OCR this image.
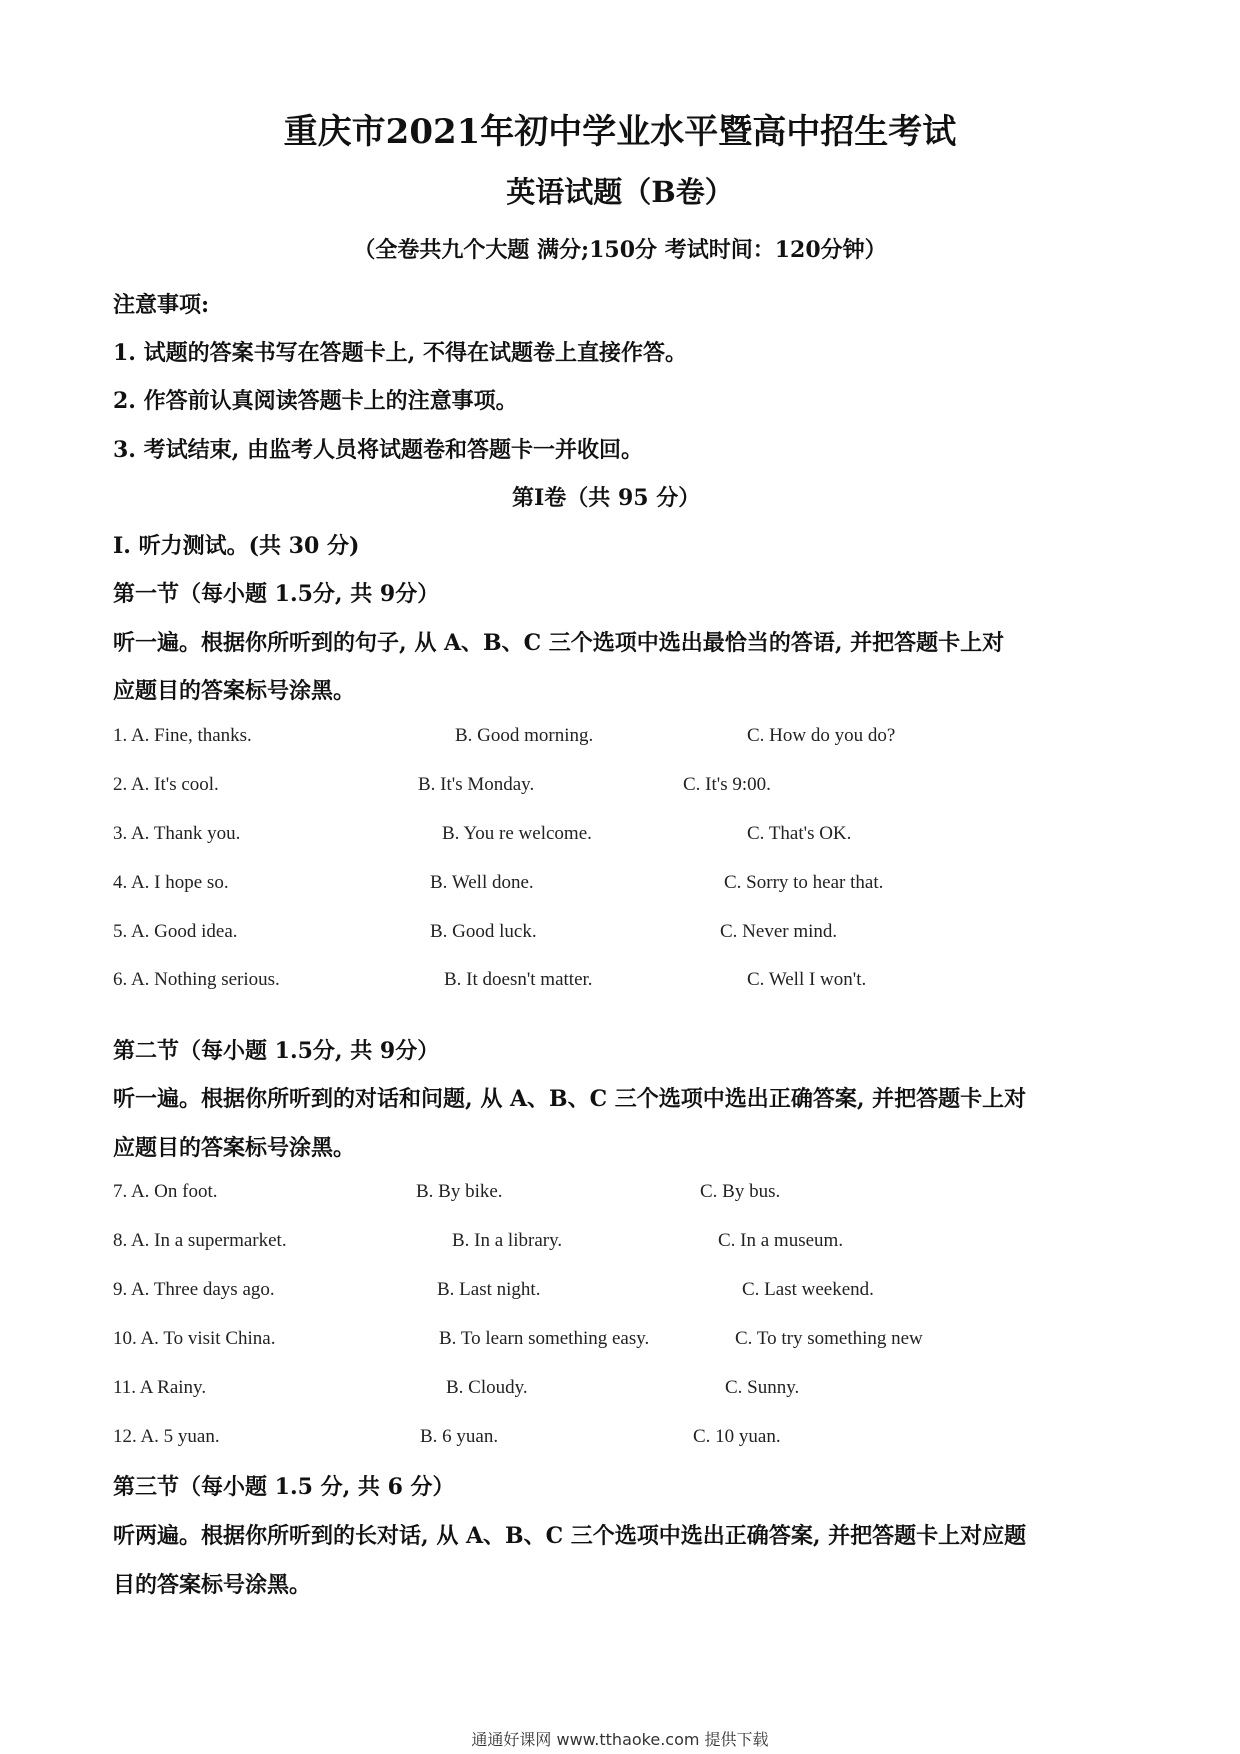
重庆市2021年初中学业水平暨高中招生考试
英语试题（B卷）
（全卷共九个大题 满分;150分 考试时间：120分钟）
注意事项:
1. 试题的答案书写在答题卡上, 不得在试题卷上直接作答。
2. 作答前认真阅读答题卡上的注意事项。
3. 考试结束, 由监考人员将试题卷和答题卡一并收回。
第Ⅰ卷（共 95 分）
I. 听力测试。(共 30 分)
第一节（每小题 1.5分, 共 9分）
听一遍。根据你所听到的句子, 从 A、B、C 三个选项中选出最恰当的答语, 并把答题卡上对
应题目的答案标号涂黑。
1. A. Fine, thanks.	B. Good morning.	C. How do you do?
2. A. It's cool.	B. It's Monday.	C. It's 9:00.
3. A. Thank you.	B. You re welcome.	C. That's OK.
4. A. I hope so.	B. Well done.	C. Sorry to hear that.
5. A. Good idea.	B. Good luck.	C. Never mind.
6. A. Nothing serious.	B. It doesn't matter.	C. Well I won't.
第二节（每小题 1.5分, 共 9分）
听一遍。根据你所听到的对话和问题, 从 A、B、C 三个选项中选出正确答案, 并把答题卡上对
应题目的答案标号涂黑。
7. A. On foot.	B. By bike.	C. By bus.
8. A. In a supermarket.	B. In a library.	C. In a museum.
9. A. Three days ago.	B. Last night.	C. Last weekend.
10. A. To visit China.	B. To learn something easy.	C. To try something new
11. A Rainy.	B. Cloudy.	C. Sunny.
12. A. 5 yuan.	B. 6 yuan.	C. 10 yuan.
第三节（每小题 1.5 分, 共 6 分）
听两遍。根据你所听到的长对话, 从 A、B、C 三个选项中选出正确答案, 并把答题卡上对应题
目的答案标号涂黑。
通通好课网 www.tthaoke.com 提供下载
